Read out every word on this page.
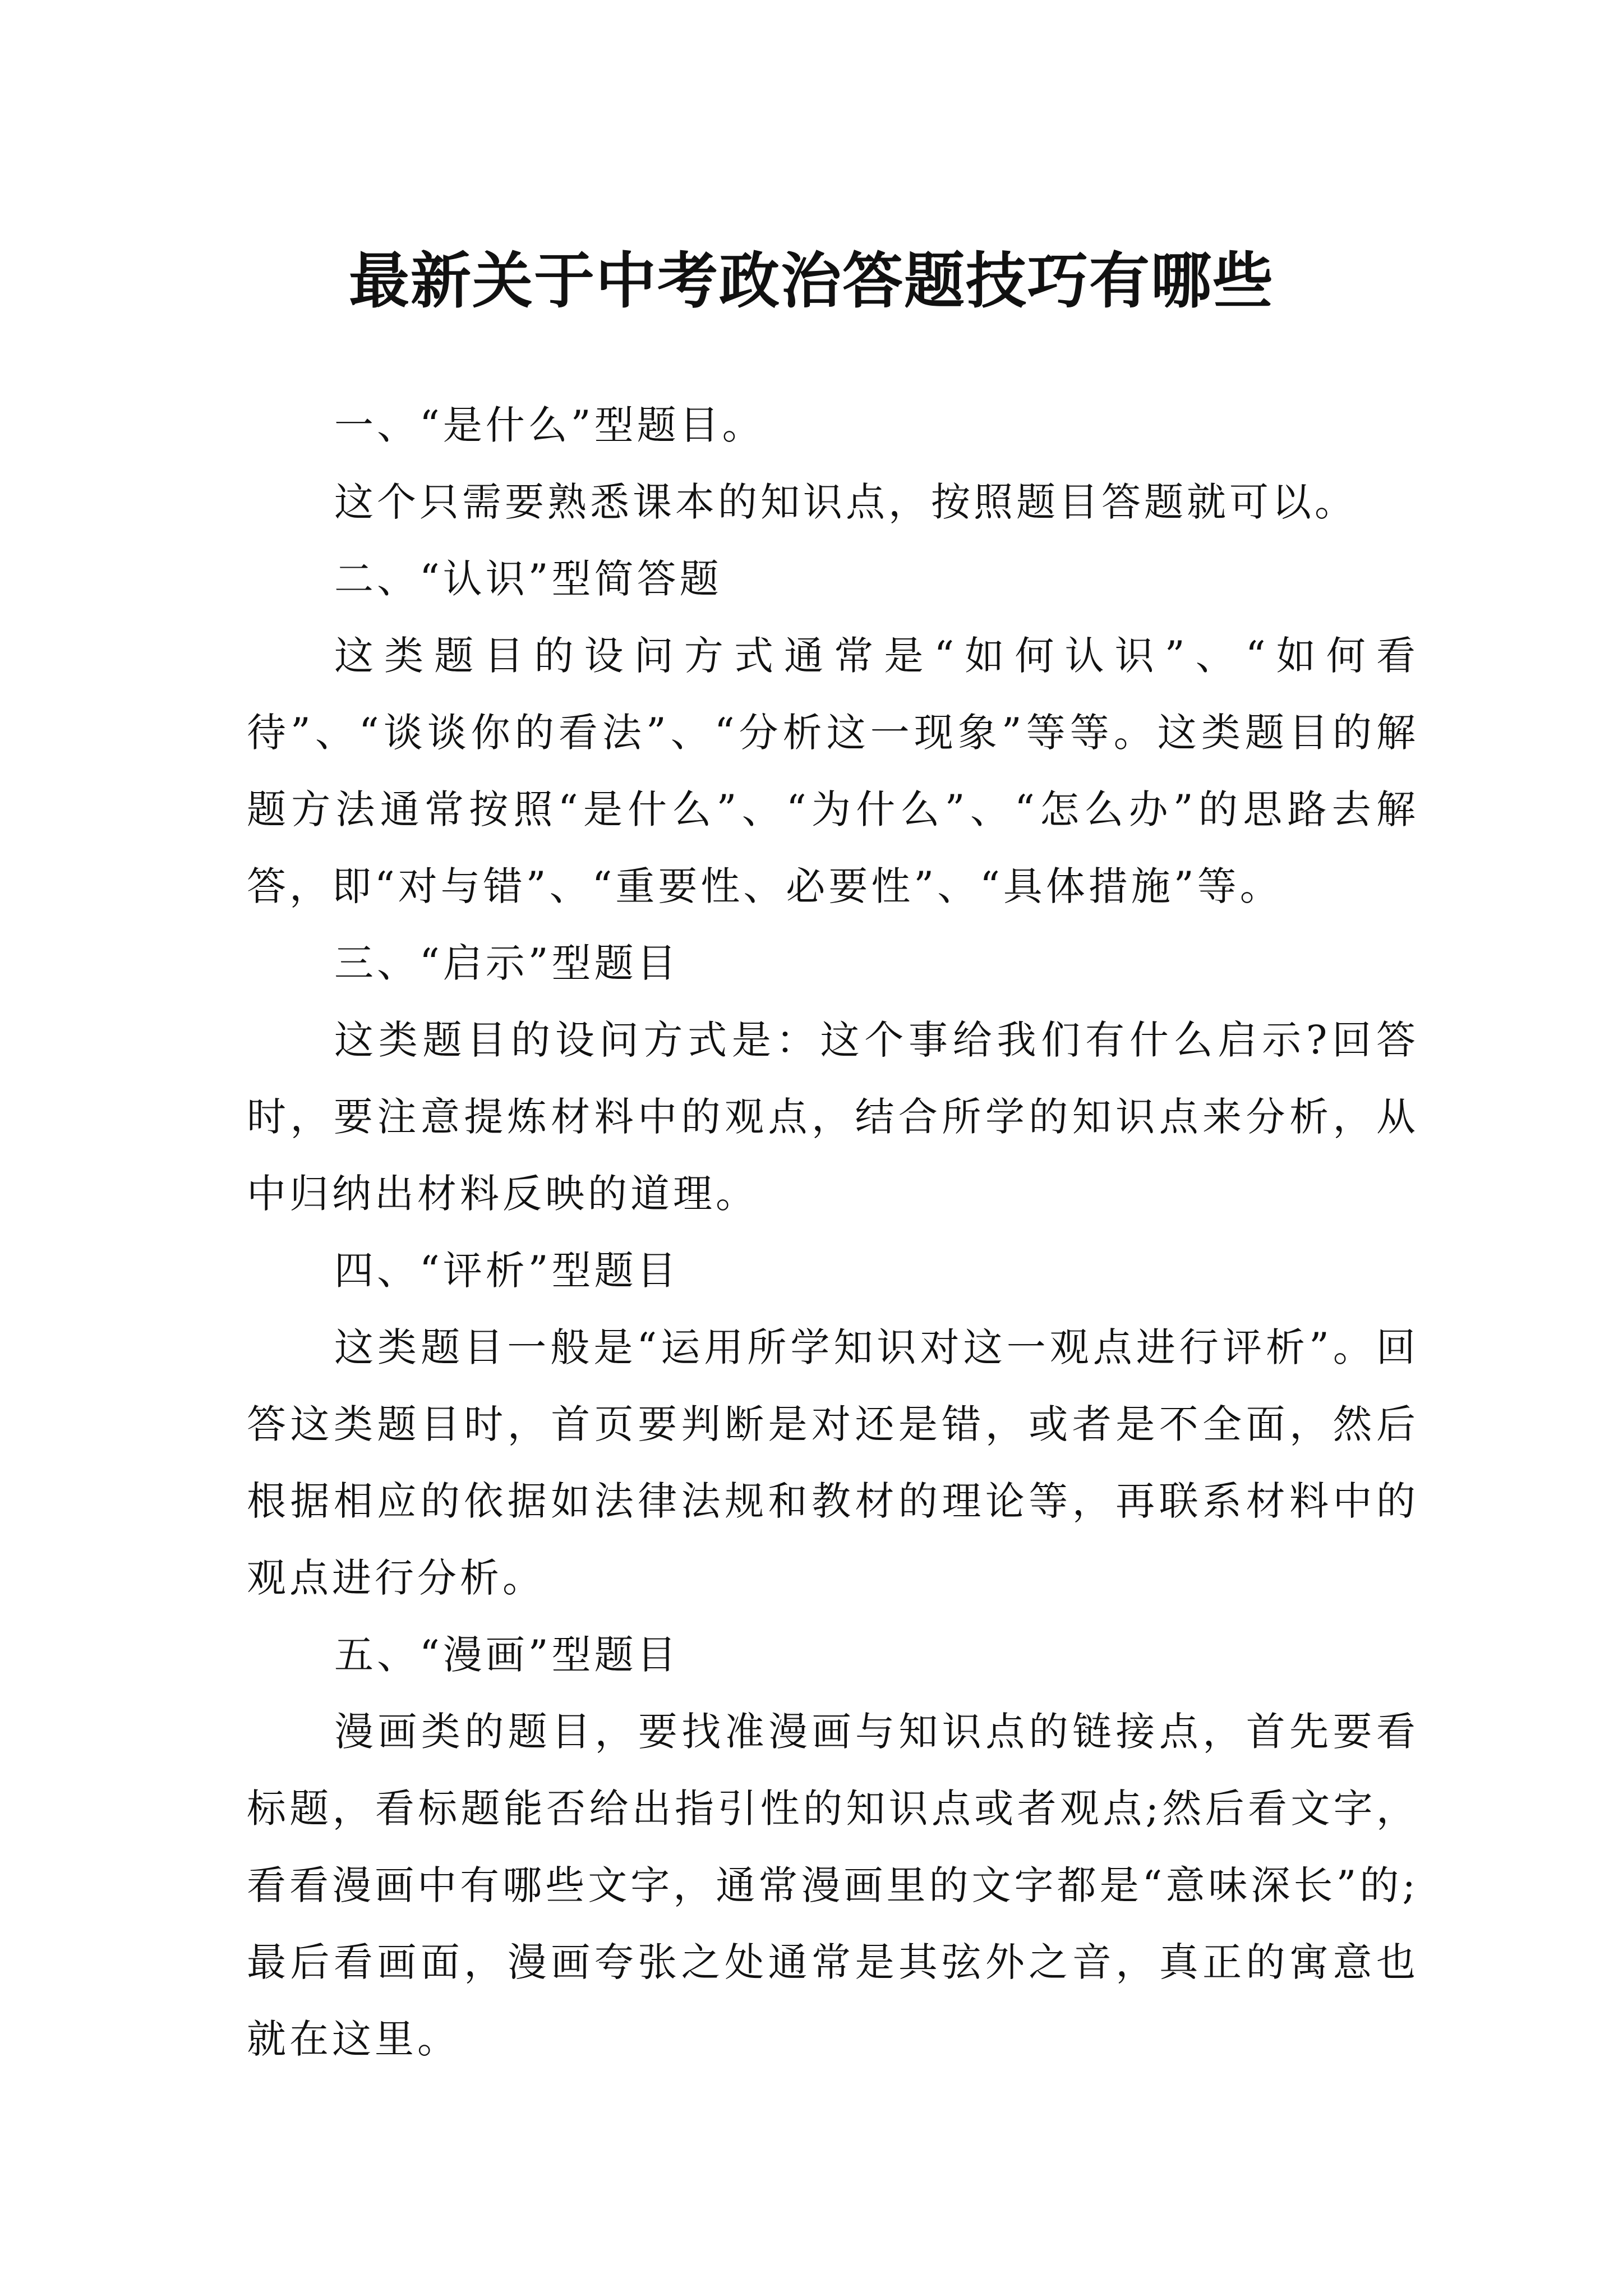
最新关于中考政治答题技巧有哪些

一、“是什么”型题目。

这个只需要熟悉课本的知识点，按照题目答题就可以。

二、“认识”型简答题

这类题目的设问方式通常是“如何认识”、“如何看待”、“谈谈你的看法”、“分析这一现象”等等。这类题目的解题方法通常按照“是什么”、“为什么”、“怎么办”的思路去解答，即“对与错”、“重要性、必要性”、“具体措施”等。

三、“启示”型题目

这类题目的设问方式是：这个事给我们有什么启示?回答时，要注意提炼材料中的观点，结合所学的知识点来分析，从中归纳出材料反映的道理。

四、“评析”型题目

这类题目一般是“运用所学知识对这一观点进行评析”。回答这类题目时，首页要判断是对还是错，或者是不全面，然后根据相应的依据如法律法规和教材的理论等，再联系材料中的观点进行分析。

五、“漫画”型题目

漫画类的题目，要找准漫画与知识点的链接点，首先要看标题，看标题能否给出指引性的知识点或者观点;然后看文字，看看漫画中有哪些文字，通常漫画里的文字都是“意味深长”的;最后看画面，漫画夸张之处通常是其弦外之音，真正的寓意也就在这里。
